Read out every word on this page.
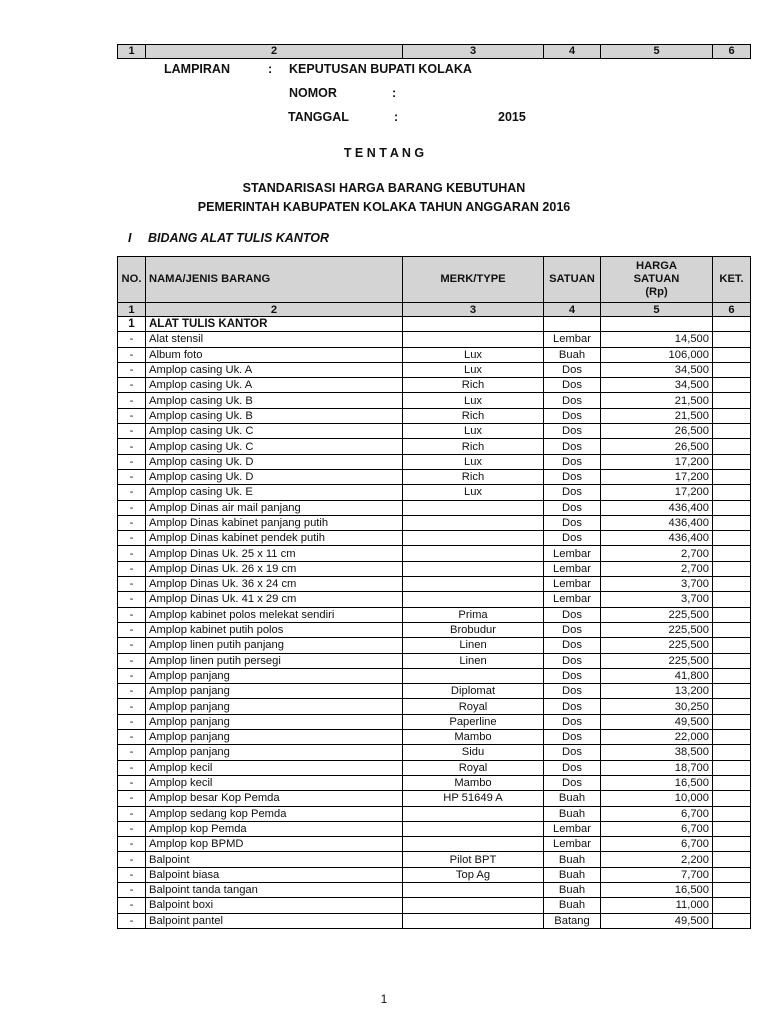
1	2	3	4	5	6
LAMPIRAN	: KEPUTUSAN BUPATI KOLAKA
NOMOR	:
TANGGAL	:	2015
T E N T A N G
STANDARISASI HARGA BARANG KEBUTUHAN
PEMERINTAH KABUPATEN KOLAKA TAHUN ANGGARAN 2016
I BIDANG ALAT TULIS KANTOR
NO.	NAMA/JENIS BARANG	MERK/TYPE	SATUAN	HARGA
SATUAN
(Rp)	KET.
1	2	3	4	5	6
1	ALAT TULIS KANTOR				
-	Alat stensil		Lembar	14,500	
-	Album foto	Lux	Buah	106,000	
-	Amplop casing Uk. A	Lux	Dos	34,500	
-	Amplop casing Uk. A	Rich	Dos	34,500	
-	Amplop casing Uk. B	Lux	Dos	21,500	
-	Amplop casing Uk. B	Rich	Dos	21,500	
-	Amplop casing Uk. C	Lux	Dos	26,500	
-	Amplop casing Uk. C	Rich	Dos	26,500	
-	Amplop casing Uk. D	Lux	Dos	17,200	
-	Amplop casing Uk. D	Rich	Dos	17,200	
-	Amplop casing Uk. E	Lux	Dos	17,200	
-	Amplop Dinas air mail panjang		Dos	436,400	
-	Amplop Dinas kabinet panjang putih		Dos	436,400	
-	Amplop Dinas kabinet pendek putih		Dos	436,400	
-	Amplop Dinas Uk. 25 x 11 cm		Lembar	2,700	
-	Amplop Dinas Uk. 26 x 19 cm		Lembar	2,700	
-	Amplop Dinas Uk. 36 x 24 cm		Lembar	3,700	
-	Amplop Dinas Uk. 41 x 29 cm		Lembar	3,700	
-	Amplop kabinet polos melekat sendiri	Prima	Dos	225,500	
-	Amplop kabinet putih polos	Brobudur	Dos	225,500	
-	Amplop linen putih panjang	Linen	Dos	225,500	
-	Amplop linen putih persegi	Linen	Dos	225,500	
-	Amplop panjang		Dos	41,800	
-	Amplop panjang	Diplomat	Dos	13,200	
-	Amplop panjang	Royal	Dos	30,250	
-	Amplop panjang	Paperline	Dos	49,500	
-	Amplop panjang	Mambo	Dos	22,000	
-	Amplop panjang	Sidu	Dos	38,500	
-	Amplop kecil	Royal	Dos	18,700	
-	Amplop kecil	Mambo	Dos	16,500	
-	Amplop besar Kop Pemda	HP 51649 A	Buah	10,000	
-	Amplop sedang kop Pemda		Buah	6,700	
-	Amplop kop Pemda		Lembar	6,700	
-	Amplop kop BPMD		Lembar	6,700	
-	Balpoint	Pilot BPT	Buah	2,200	
-	Balpoint biasa	Top Ag	Buah	7,700	
-	Balpoint tanda tangan		Buah	16,500	
-	Balpoint boxi		Buah	11,000	
-	Balpoint pantel		Batang	49,500	
1
